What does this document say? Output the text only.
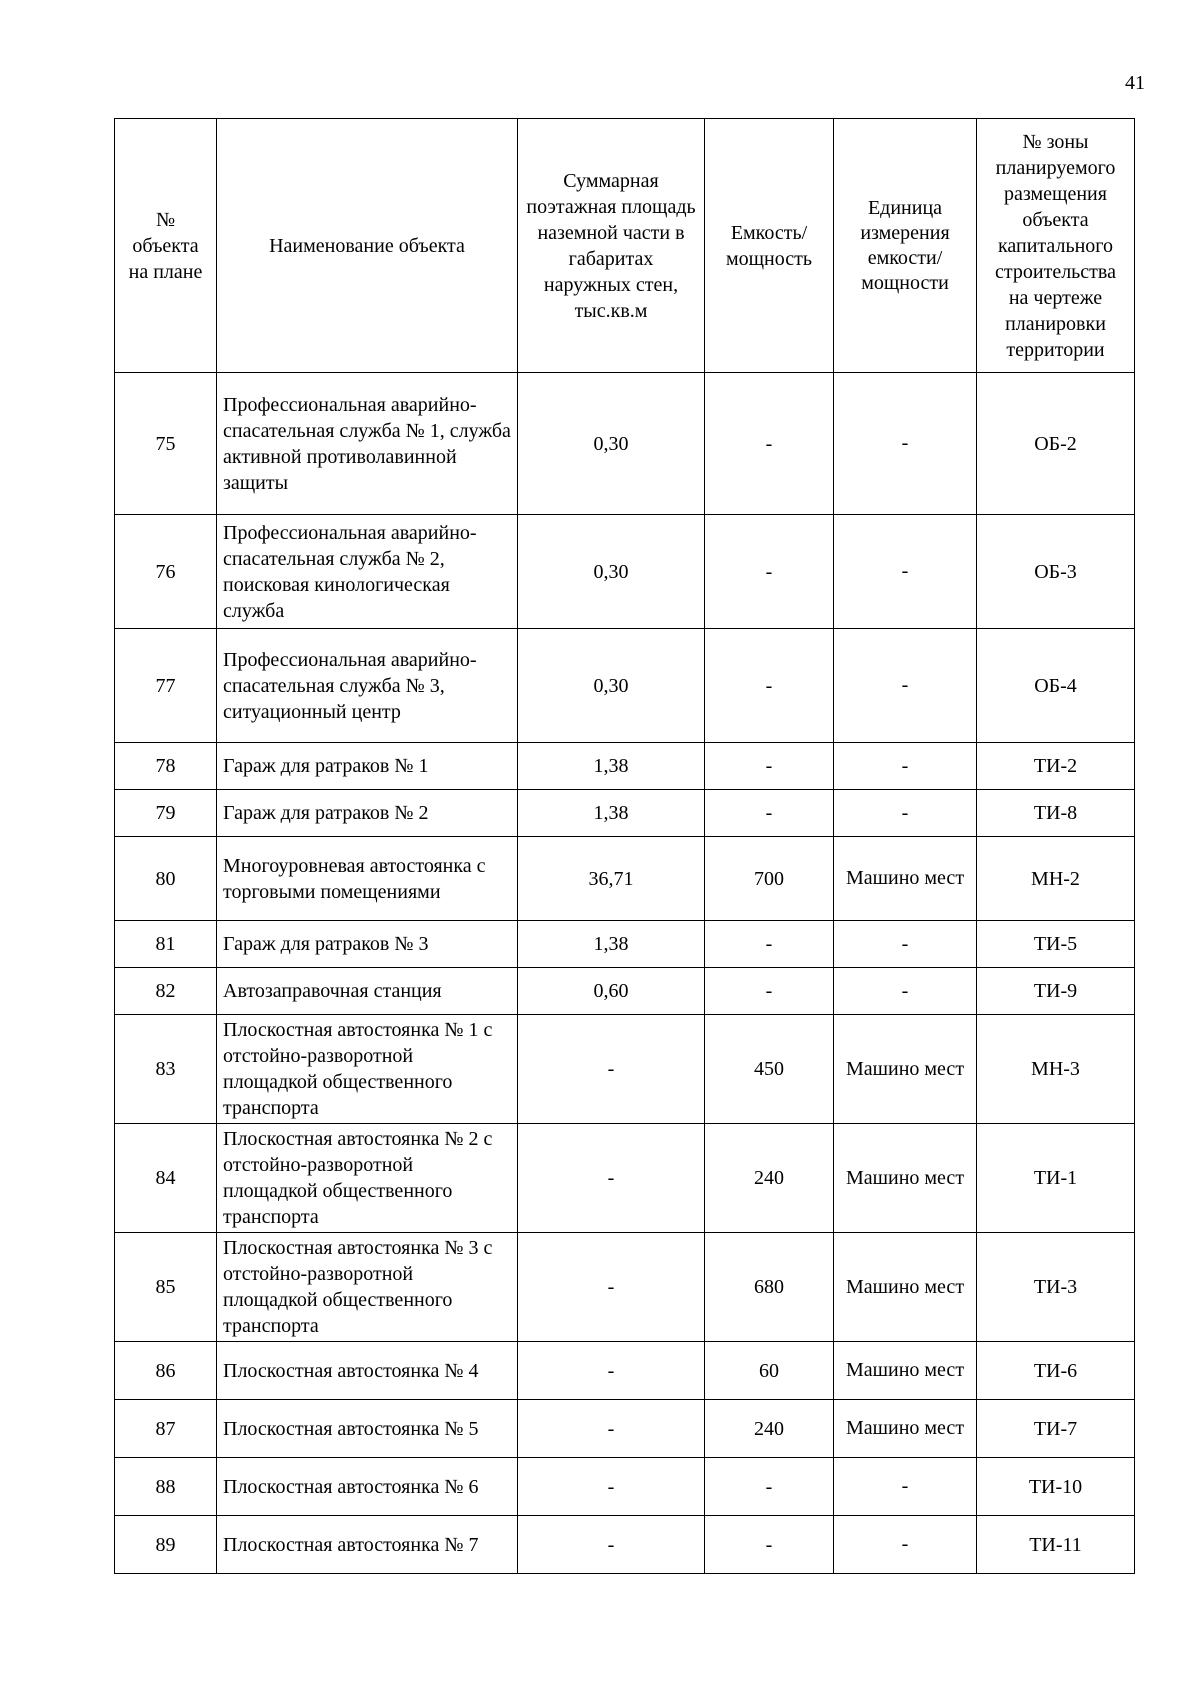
41
№ объекта на плане	Наименование объекта	Суммарная поэтажная площадь наземной части в габаритах наружных стен, тыс.кв.м	Емкость/ мощность	Единица измерения емкости/ мощности	№ зоны планируемого размещения объекта капитального строительства на чертеже планировки территории
75	Профессиональная аварийно-спасательная служба № 1, служба активной противолавинной защиты	0,30	-	-	ОБ-2
76	Профессиональная аварийно-спасательная служба № 2, поисковая кинологическая служба	0,30	-	-	ОБ-3
77	Профессиональная аварийно-спасательная служба № 3, ситуационный центр	0,30	-	-	ОБ-4
78	Гараж для ратраков № 1	1,38	-	-	ТИ-2
79	Гараж для ратраков № 2	1,38	-	-	ТИ-8
80	Многоуровневая автостоянка с торговыми помещениями	36,71	700	Машино мест	МН-2
81	Гараж для ратраков № 3	1,38	-	-	ТИ-5
82	Автозаправочная станция	0,60	-	-	ТИ-9
83	Плоскостная автостоянка № 1 с отстойно-разворотной площадкой общественного транспорта	-	450	Машино мест	МН-3
84	Плоскостная автостоянка № 2 с отстойно-разворотной площадкой общественного транспорта	-	240	Машино мест	ТИ-1
85	Плоскостная автостоянка № 3 с отстойно-разворотной площадкой общественного транспорта	-	680	Машино мест	ТИ-3
86	Плоскостная автостоянка № 4	-	60	Машино мест	ТИ-6
87	Плоскостная автостоянка № 5	-	240	Машино мест	ТИ-7
88	Плоскостная автостоянка № 6	-	-	-	ТИ-10
89	Плоскостная автостоянка № 7	-	-	-	ТИ-11
